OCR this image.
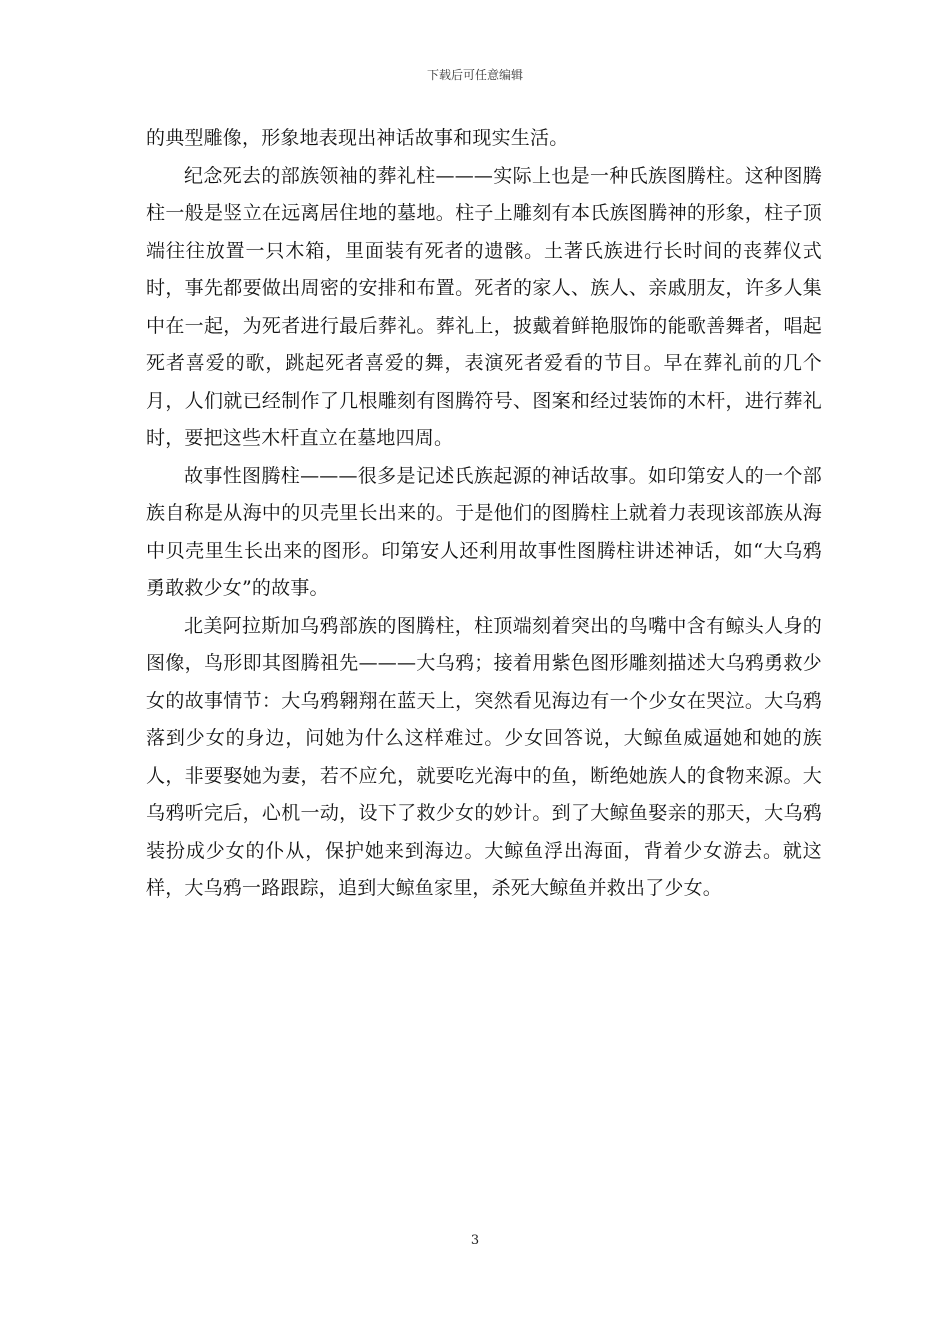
下载后可任意编辑

的典型雕像，形象地表现出神话故事和现实生活。

纪念死去的部族领袖的葬礼柱———实际上也是一种氏族图腾柱。这种图腾柱一般是竖立在远离居住地的墓地。柱子上雕刻有本氏族图腾神的形象，柱子顶端往往放置一只木箱，里面装有死者的遗骸。土著氏族进行长时间的丧葬仪式时，事先都要做出周密的安排和布置。死者的家人、族人、亲戚朋友，许多人集中在一起，为死者进行最后葬礼。葬礼上，披戴着鲜艳服饰的能歌善舞者，唱起死者喜爱的歌，跳起死者喜爱的舞，表演死者爱看的节目。早在葬礼前的几个月，人们就已经制作了几根雕刻有图腾符号、图案和经过装饰的木杆，进行葬礼时，要把这些木杆直立在墓地四周。

故事性图腾柱———很多是记述氏族起源的神话故事。如印第安人的一个部族自称是从海中的贝壳里长出来的。于是他们的图腾柱上就着力表现该部族从海中贝壳里生长出来的图形。印第安人还利用故事性图腾柱讲述神话，如“大乌鸦勇敢救少女”的故事。

北美阿拉斯加乌鸦部族的图腾柱，柱顶端刻着突出的鸟嘴中含有鲸头人身的图像，鸟形即其图腾祖先———大乌鸦；接着用紫色图形雕刻描述大乌鸦勇救少女的故事情节：大乌鸦翱翔在蓝天上，突然看见海边有一个少女在哭泣。大乌鸦落到少女的身边，问她为什么这样难过。少女回答说，大鲸鱼威逼她和她的族人，非要娶她为妻，若不应允，就要吃光海中的鱼，断绝她族人的食物来源。大乌鸦听完后，心机一动，设下了救少女的妙计。到了大鲸鱼娶亲的那天，大乌鸦装扮成少女的仆从，保护她来到海边。大鲸鱼浮出海面，背着少女游去。就这样，大乌鸦一路跟踪，追到大鲸鱼家里，杀死大鲸鱼并救出了少女。

3
